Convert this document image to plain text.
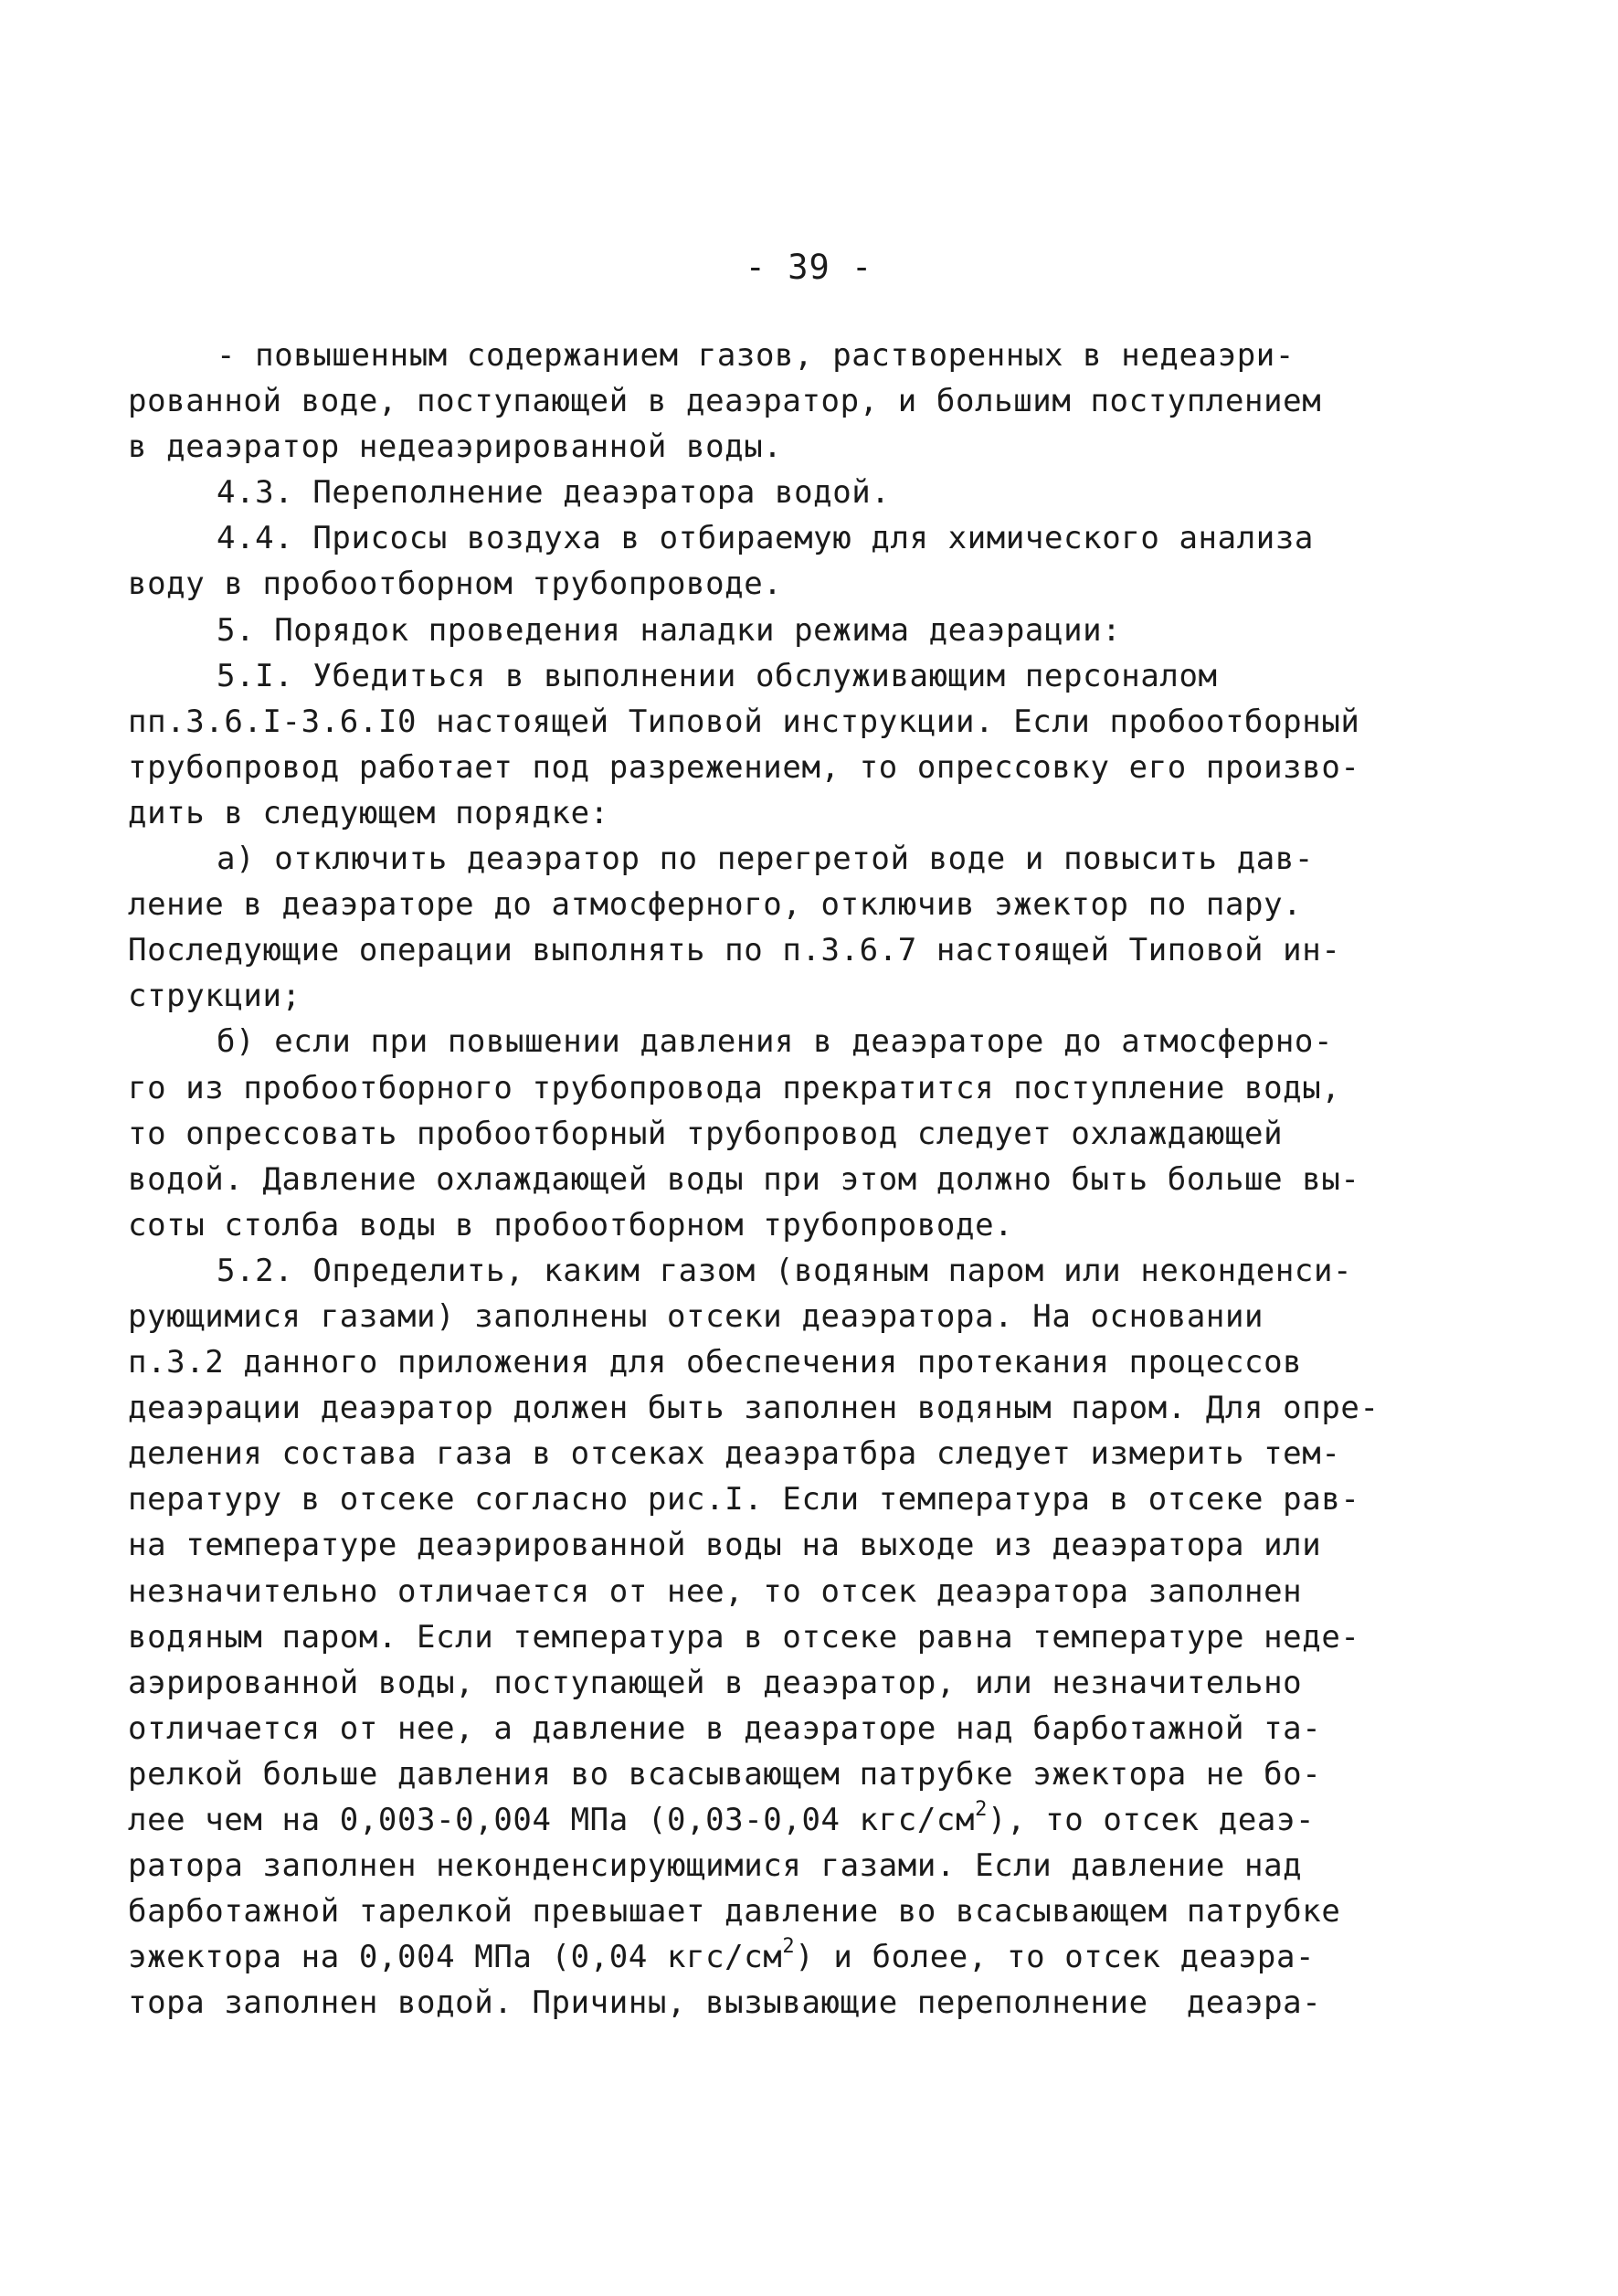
- 39 -
- повышенным содержанием газов, растворенных в недеаэри-
рованной воде, поступающей в деаэратор, и большим поступлением
в деаэратор недеаэрированной воды.
4.3. Переполнение деаэратора водой.
4.4. Присосы воздуха в отбираемую для химического анализа
воду в пробоотборном трубопроводе.
5. Порядок проведения наладки режима деаэрации:
5.I. Убедиться в выполнении обслуживающим персоналом
пп.3.6.I-3.6.I0 настоящей Типовой инструкции. Если пробоотборный
трубопровод работает под разрежением, то опрессовку его произво-
дить в следующем порядке:
а) отключить деаэратор по перегретой воде и повысить дав-
ление в деаэраторе до атмосферного, отключив эжектор по пару.
Последующие операции выполнять по п.3.6.7 настоящей Типовой ин-
струкции;
б) если при повышении давления в деаэраторе до атмосферно-
го из пробоотборного трубопровода прекратится поступление воды,
то опрессовать пробоотборный трубопровод следует охлаждающей
водой. Давление охлаждающей воды при этом должно быть больше вы-
соты столба воды в пробоотборном трубопроводе.
5.2. Определить, каким газом (водяным паром или неконденси-
рующимися газами) заполнены отсеки деаэратора. На основании
п.3.2 данного приложения для обеспечения протекания процессов
деаэрации деаэратор должен быть заполнен водяным паром. Для опре-
деления состава газа в отсеках деаэратбра следует измерить тем-
пературу в отсеке согласно рис.I. Если температура в отсеке рав-
на температуре деаэрированной воды на выходе из деаэратора или
незначительно отличается от нее, то отсек деаэратора заполнен
водяным паром. Если температура в отсеке равна температуре неде-
аэрированной воды, поступающей в деаэратор, или незначительно
отличается от нее, а давление в деаэраторе над барботажной та-
релкой больше давления во всасывающем патрубке эжектора не бо-
лее чем на 0,003-0,004 МПа (0,03-0,04 кгс/$см^2$), то отсек деаэ-
ратора заполнен неконденсирующимися газами. Если давление над
барботажной тарелкой превышает давление во всасывающем патрубке
эжектора на 0,004 МПа (0,04 кгс/$см^2$) и более, то отсек деаэра-
тора заполнен водой. Причины, вызывающие переполнение  деаэра-
